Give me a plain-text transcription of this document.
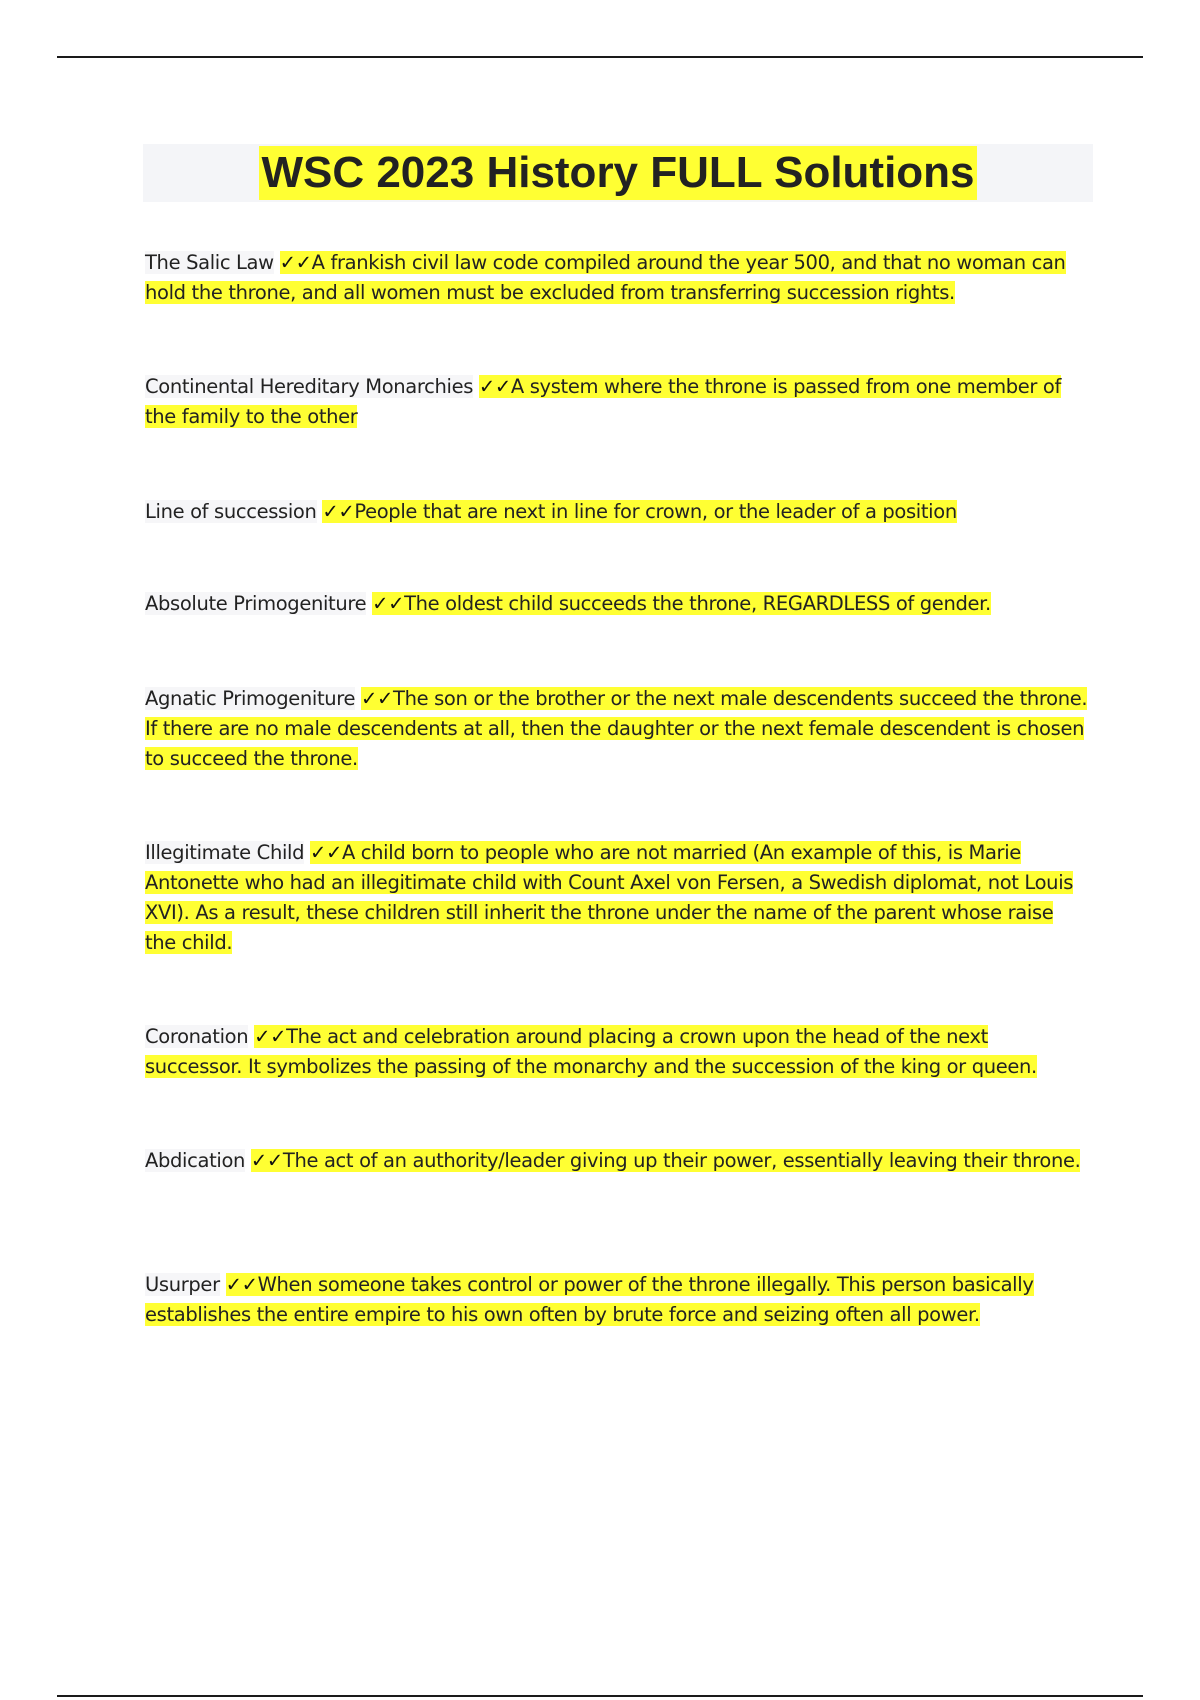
WSC 2023 History FULL Solutions
The Salic Law ✓✓A frankish civil law code compiled around the year 500, and that no woman can hold the throne, and all women must be excluded from transferring succession rights.
Continental Hereditary Monarchies ✓✓A system where the throne is passed from one member of the family to the other
Line of succession ✓✓People that are next in line for crown, or the leader of a position
Absolute Primogeniture ✓✓The oldest child succeeds the throne, REGARDLESS of gender.
Agnatic Primogeniture ✓✓The son or the brother or the next male descendents succeed the throne. If there are no male descendents at all, then the daughter or the next female descendent is chosen to succeed the throne.
Illegitimate Child ✓✓A child born to people who are not married (An example of this, is Marie Antonette who had an illegitimate child with Count Axel von Fersen, a Swedish diplomat, not Louis XVI). As a result, these children still inherit the throne under the name of the parent whose raise the child.
Coronation ✓✓The act and celebration around placing a crown upon the head of the next successor. It symbolizes the passing of the monarchy and the succession of the king or queen.
Abdication ✓✓The act of an authority/leader giving up their power, essentially leaving their throne.
Usurper ✓✓When someone takes control or power of the throne illegally. This person basically establishes the entire empire to his own often by brute force and seizing often all power.
